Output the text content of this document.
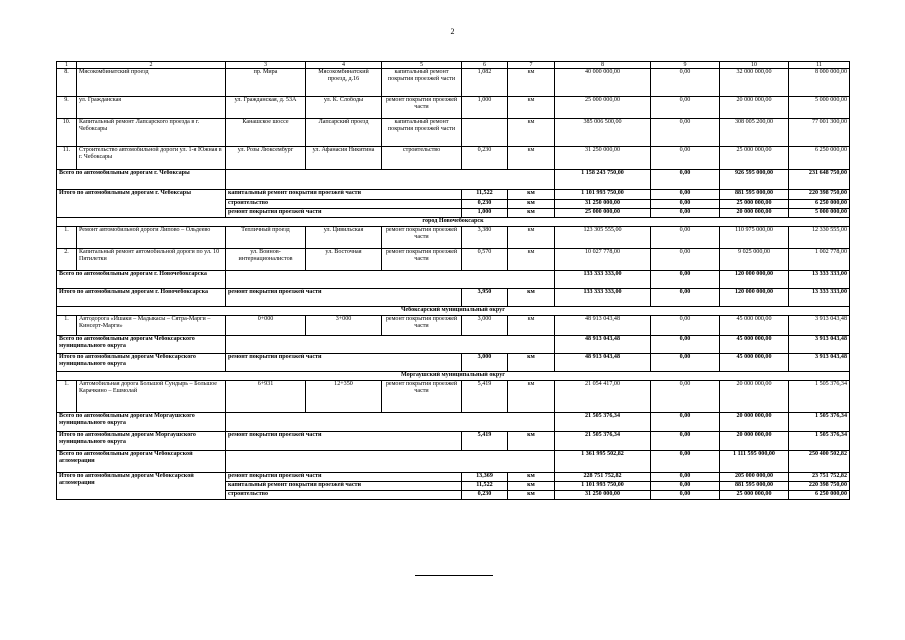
2
1	2	3	4	5	6	7	8	9	10	11
8.	Мясокомбинатский проезд	пр. Мира	Мясокомбинатский проезд, д.16	капитальный ремонт покрытия проезжей части	1,082	км	40 000 000,00	0,00	32 000 000,00	8 000 000,00
9.	ул. Гражданская	ул. Гражданская, д. 53А	ул. К. Слободы	ремонт покрытия проезжей части	1,000	км	25 000 000,00	0,00	20 000 000,00	5 000 000,00
10.	Капитальный ремонт Лапсарского проезда в г. Чебоксары	Канашское шоссе	Лапсарский проезд	капитальный ремонт покрытия проезжей части		км	385 006 500,00	0,00	308 005 200,00	77 001 300,00
11.	Строительство автомобильной дороги ул. 1-я Южная в г. Чебоксары	ул. Розы Люксембург	ул. Афанасия Никитина	строительство	0,230	км	31 250 000,00	0,00	25 000 000,00	6 250 000,00
Всего по автомобильным дорогам г. Чебоксары							1 158 243 750,00	0,00	926 595 000,00	231 648 750,00
Итого по автомобильным дорогам г. Чебоксары		капитальный ремонт покрытия проезжей части			11,522	км	1 101 993 750,00	0,00	881 595 000,00	220 398 750,00
		строительство			0,230	км	31 250 000,00	0,00	25 000 000,00	6 250 000,00
		ремонт покрытия проезжей части			1,000	км	25 000 000,00	0,00	20 000 000,00	5 000 000,00
город Новочебоксарск										
1.	Ремонт автомобильной дороги Липово – Ольдеево	Тепличный проезд	ул. Цивильская	ремонт покрытия проезжей части	3,380	км	123 305 555,00	0,00	110 975 000,00	12 330 555,00
2.	Капитальный ремонт автомобильной дороги по ул. 10 Пятилетки	ул. Воинов-интернационалистов	ул. Восточная	ремонт покрытия проезжей части	0,570	км	10 027 778,00	0,00	9 025 000,00	1 002 778,00
Всего по автомобильным дорогам г. Новочебоксарска							133 333 333,00	0,00	120 000 000,00	13 333 333,00
Итого по автомобильным дорогам г. Новочебоксарска		ремонт покрытия проезжей части			3,950	км	133 333 333,00	0,00	120 000 000,00	13 333 333,00
Чебоксарский муниципальный округ										
1.	Автодорога «Ишаки – Мадыкасы – Сятра-Марги – Кинсерт-Марги»	0+000	3+000	ремонт покрытия проезжей части	3,000	км	48 913 043,48	0,00	45 000 000,00	3 913 043,48
Всего по автомобильным дорогам Чебоксарского муниципального округа							48 913 043,48	0,00	45 000 000,00	3 913 043,48
Итого по автомобильным дорогам Чебоксарского муниципального округа		ремонт покрытия проезжей части			3,000	км	48 913 043,48	0,00	45 000 000,00	3 913 043,48
Моргаушский муниципальный округ										
1.	Автомобильная дорога Большой Сундырь – Большое Карачкино – Ешмолай	6+931	12+350	ремонт покрытия проезжей части	5,419	км	21 054 417,00	0,00	20 000 000,00	1 505 376,34
Всего по автомобильным дорогам Моргаушского муниципального округа							21 505 376,34	0,00	20 000 000,00	1 505 376,34
Итого по автомобильным дорогам Моргаушского муниципального округа		ремонт покрытия проезжей части			5,419	км	21 505 376,34	0,00	20 000 000,00	1 505 376,34
Всего по автомобильным дорогам Чебоксарской агломерации							1 361 995 502,82	0,00	1 111 595 000,00	250 400 502,82
Итого по автомобильным дорогам Чебоксарской агломерации		ремонт покрытия проезжей части			13,369	км	228 751 752,82	0,00	205 000 000,00	23 751 752,82
		капитальный ремонт покрытия проезжей части			11,522	км	1 101 993 750,00	0,00	881 595 000,00	220 398 750,00
		строительство			0,230	км	31 250 000,00	0,00	25 000 000,00	6 250 000,00
